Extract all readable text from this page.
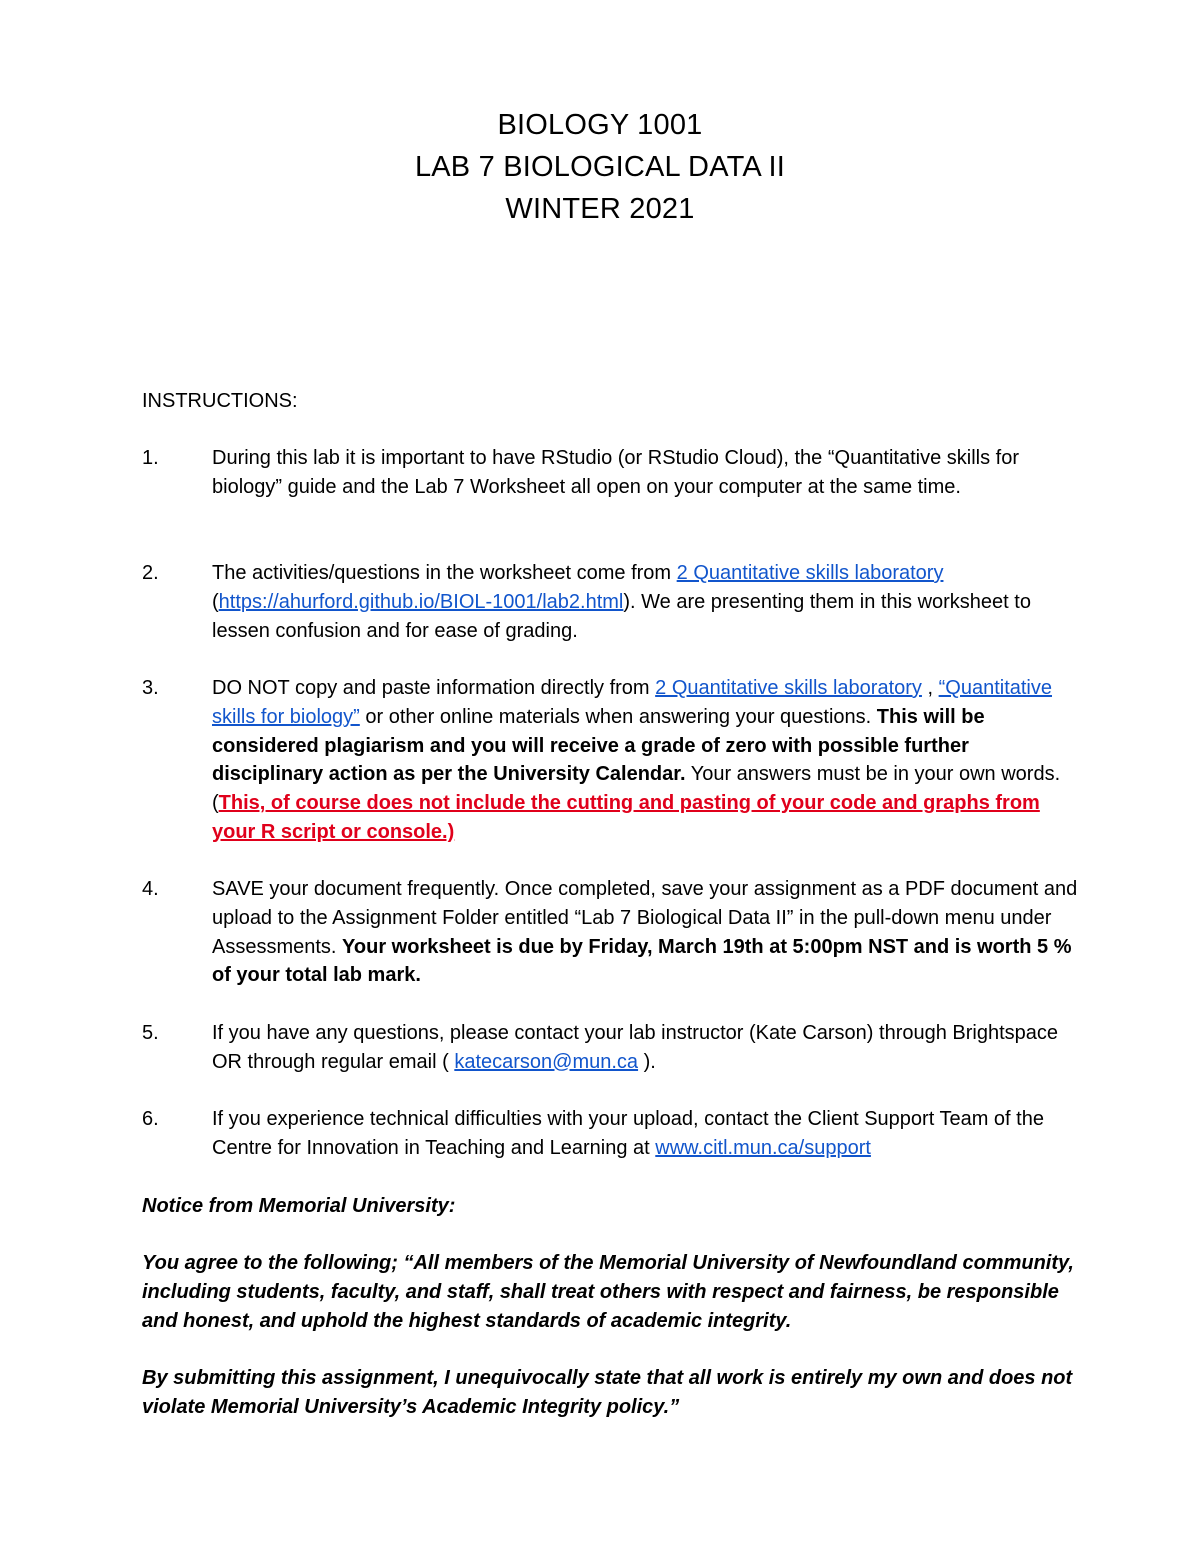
BIOLOGY 1001
LAB 7 BIOLOGICAL DATA II
WINTER 2021
INSTRUCTIONS:
1.	During this lab it is important to have RStudio (or RStudio Cloud), the “Quantitative skills for biology” guide and the Lab 7 Worksheet all open on your computer at the same time.
2.	The activities/questions in the worksheet come from 2 Quantitative skills laboratory
(https://ahurford.github.io/BIOL-1001/lab2.html). We are presenting them in this worksheet to lessen confusion and for ease of grading.
3.	DO NOT copy and paste information directly from 2 Quantitative skills laboratory , “Quantitative skills for biology” or other online materials when answering your questions. This will be considered plagiarism and you will receive a grade of zero with possible further disciplinary action as per the University Calendar. Your answers must be in your own words. (This, of course does not include the cutting and pasting of your code and graphs from your R script or console.)
4.	SAVE your document frequently. Once completed, save your assignment as a PDF document and upload to the Assignment Folder entitled “Lab 7 Biological Data II” in the pull-down menu under Assessments. Your worksheet is due by Friday, March 19th at 5:00pm NST and is worth 5 % of your total lab mark.
5.	If you have any questions, please contact your lab instructor (Kate Carson) through Brightspace OR through regular email ( katecarson@mun.ca ).
6.	If you experience technical difficulties with your upload, contact the Client Support Team of the Centre for Innovation in Teaching and Learning at www.citl.mun.ca/support
Notice from Memorial University:
You agree to the following; “All members of the Memorial University of Newfoundland community, including students, faculty, and staff, shall treat others with respect and fairness, be responsible and honest, and uphold the highest standards of academic integrity.
By submitting this assignment, I unequivocally state that all work is entirely my own and does not violate Memorial University’s Academic Integrity policy.”
